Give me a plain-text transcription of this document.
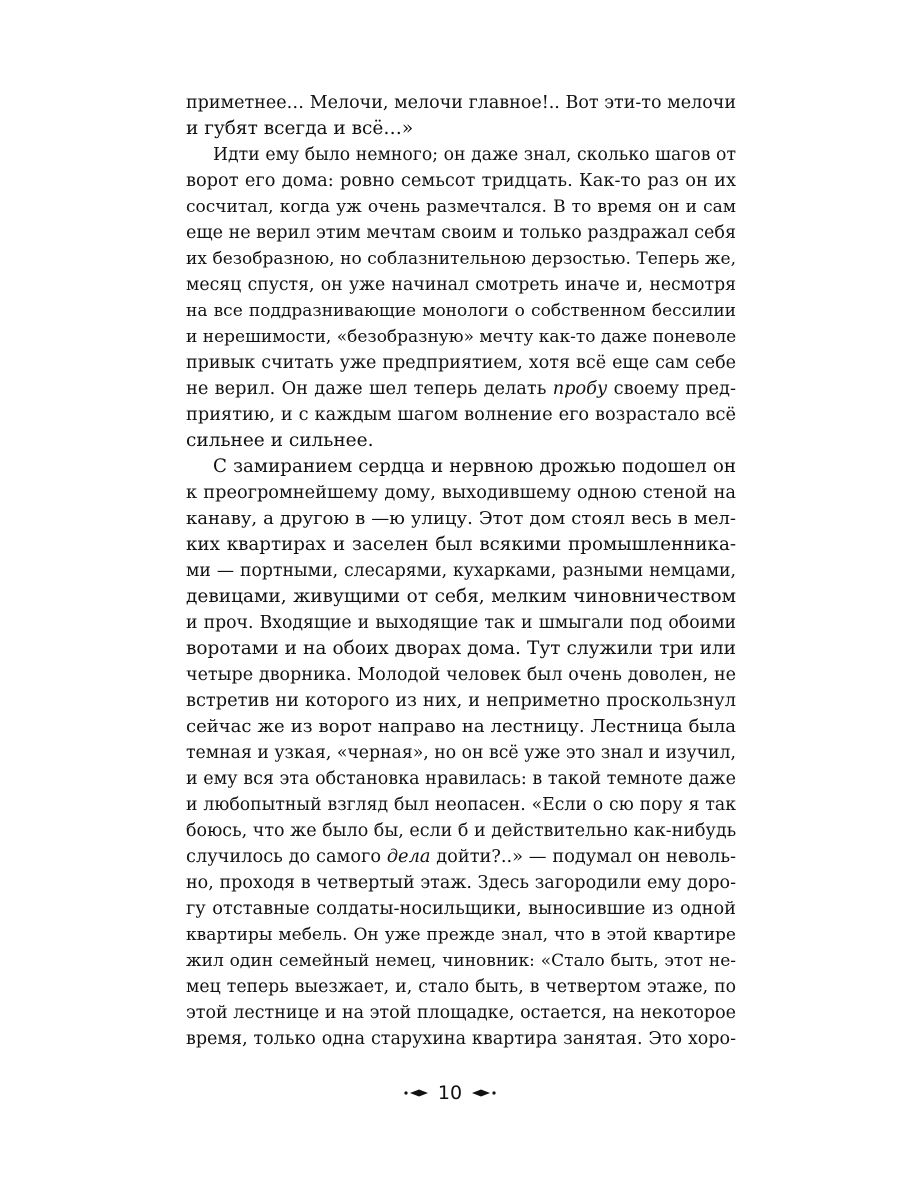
приметнее… Мелочи, мелочи главное!.. Вот эти-то мелочи
и губят всегда и всё…»
Идти ему было немного; он даже знал, сколько шагов от
ворот его дома: ровно семьсот тридцать. Как-то раз он их
сосчитал, когда уж очень размечтался. В то время он и сам
еще не верил этим мечтам своим и только раздражал себя
их безобразною, но соблазнительною дерзостью. Теперь же,
месяц спустя, он уже начинал смотреть иначе и, несмотря
на все поддразнивающие монологи о собственном бессилии
и нерешимости, «безобразную» мечту как-то даже поневоле
привык считать уже предприятием, хотя всё еще сам себе
не верил. Он даже шел теперь делать пробу своему пред-
приятию, и с каждым шагом волнение его возрастало всё
сильнее и сильнее.
С замиранием сердца и нервною дрожью подошел он
к преогромнейшему дому, выходившему одною стеной на
канаву, а другою в —ю улицу. Этот дом стоял весь в мел-
ких квартирах и заселен был всякими промышленника-
ми — портными, слесарями, кухарками, разными немцами,
девицами, живущими от себя, мелким чиновничеством
и проч. Входящие и выходящие так и шмыгали под обоими
воротами и на обоих дворах дома. Тут служили три или
четыре дворника. Молодой человек был очень доволен, не
встретив ни которого из них, и неприметно проскользнул
сейчас же из ворот направо на лестницу. Лестница была
темная и узкая, «черная», но он всё уже это знал и изучил,
и ему вся эта обстановка нравилась: в такой темноте даже
и любопытный взгляд был неопасен. «Если о сю пору я так
боюсь, что же было бы, если б и действительно как-нибудь
случилось до самого дела дойти?..» — подумал он неволь-
но, проходя в четвертый этаж. Здесь загородили ему доро-
гу отставные солдаты-носильщики, выносившие из одной
квартиры мебель. Он уже прежде знал, что в этой квартире
жил один семейный немец, чиновник: «Стало быть, этот не-
мец теперь выезжает, и, стало быть, в четвертом этаже, по
этой лестнице и на этой площадке, остается, на некоторое
время, только одна старухина квартира занятая. Это хоро-
10
